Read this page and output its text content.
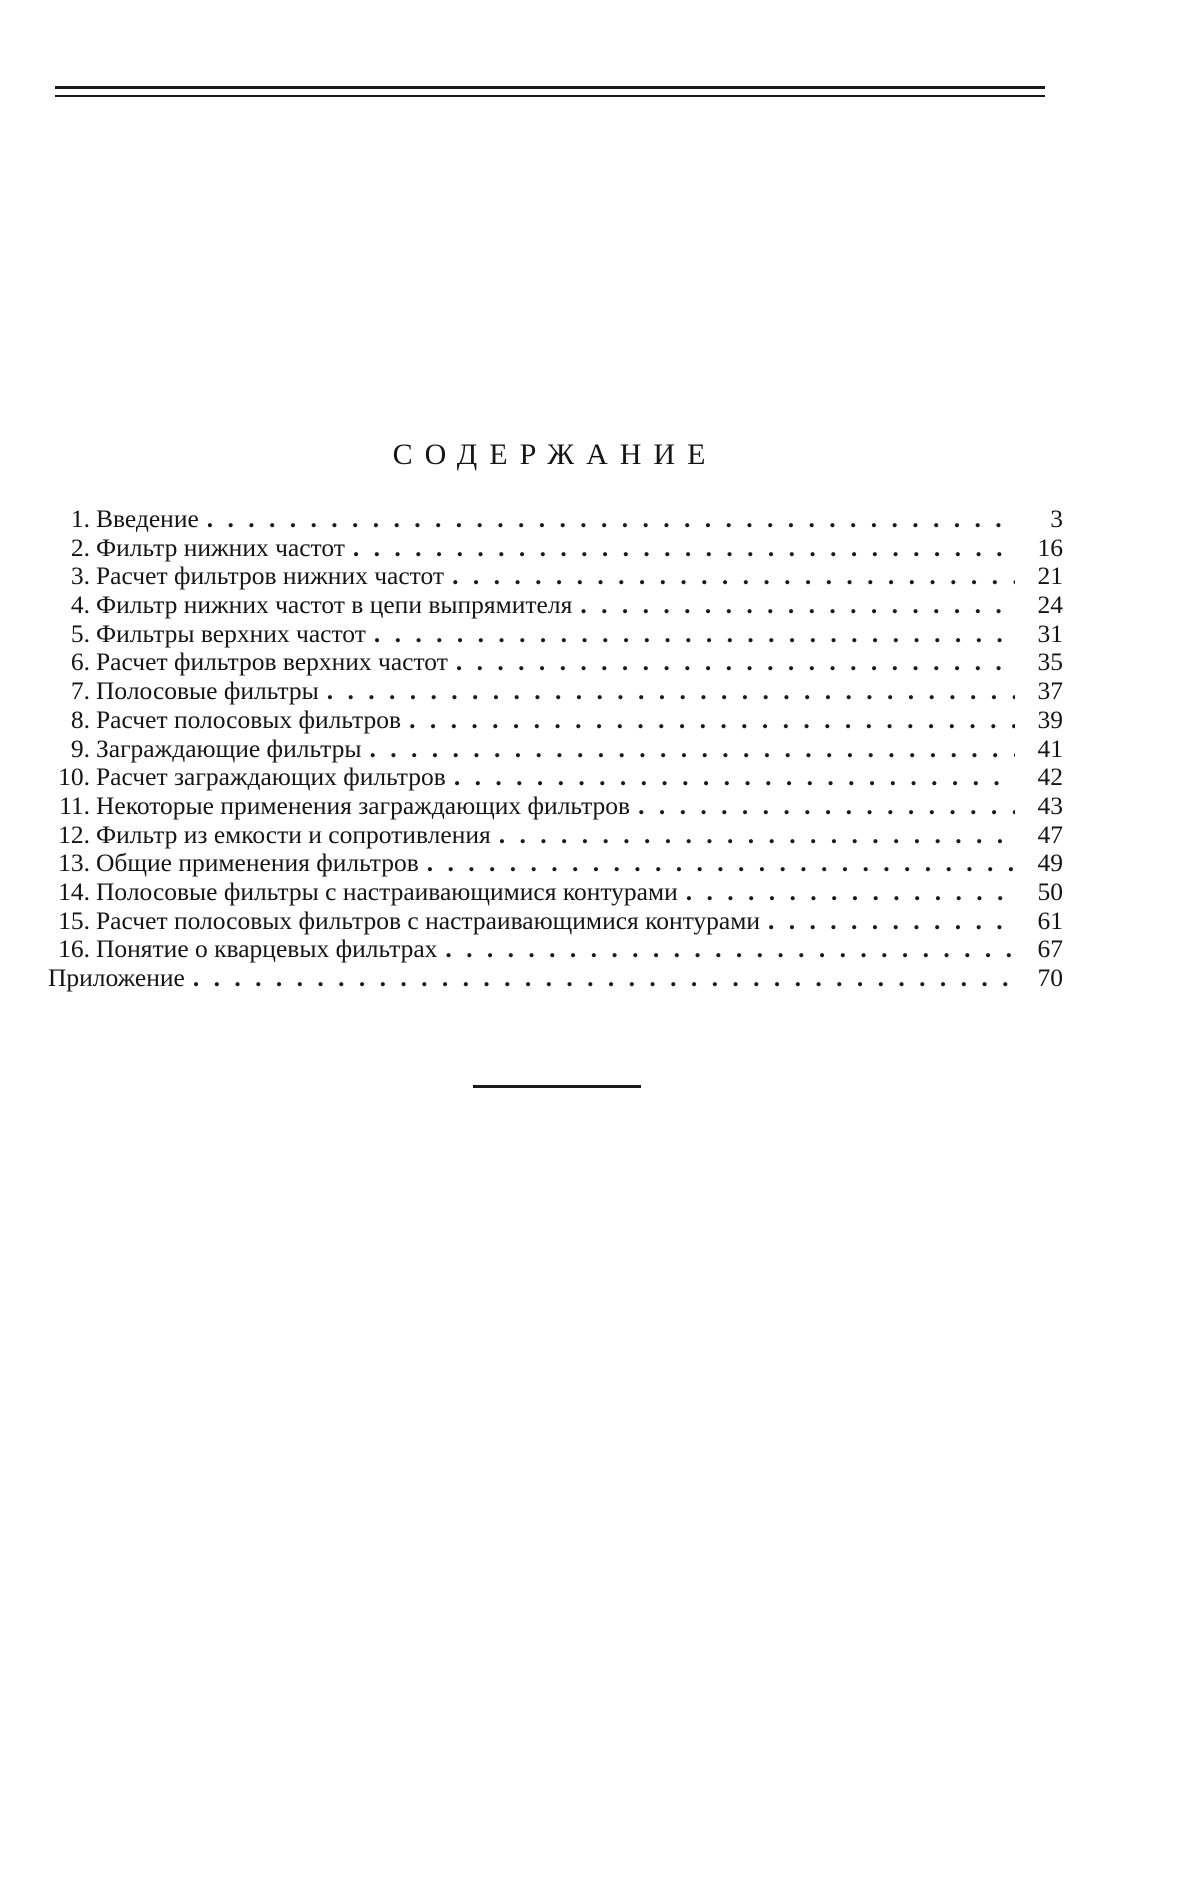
СОДЕРЖАНИЕ
1. Введение . . .	3
2. Фильтр нижних частот . . .	16
3. Расчет фильтров нижних частот . . .	21
4. Фильтр нижних частот в цепи выпрямителя . . .	24
5. Фильтры верхних частот . . .	31
6. Расчет фильтров верхних частот . . .	35
7. Полосовые фильтры . . .	37
8. Расчет полосовых фильтров . . .	39
9. Заграждающие фильтры . . .	41
10. Расчет заграждающих фильтров . . .	42
11. Некоторые применения заграждающих фильтров . . .	43
12. Фильтр из емкости и сопротивления . . .	47
13. Общие применения фильтров . . .	49
14. Полосовые фильтры с настраивающимися контурами . . .	50
15. Расчет полосовых фильтров с настраивающимися контурами . . .	61
16. Понятие о кварцевых фильтрах . . .	67
Приложение . . .	70
